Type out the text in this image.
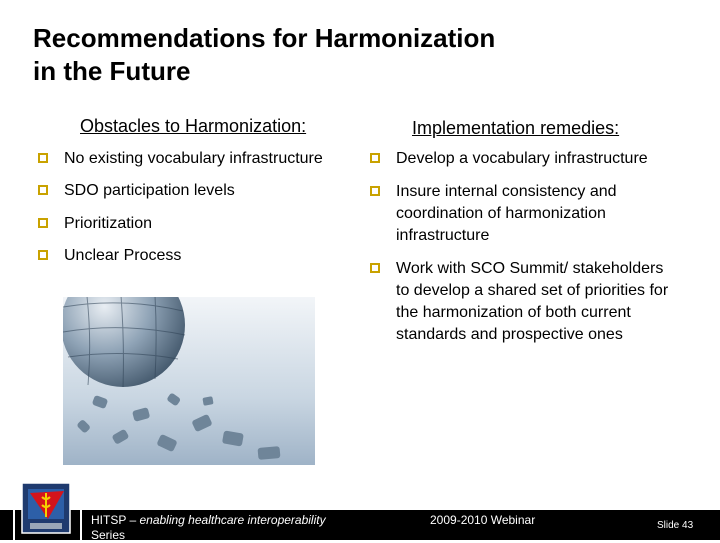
Recommendations for Harmonization
in the Future
Obstacles to Harmonization:	Implementation remedies:
No existing vocabulary infrastructure
SDO participation levels
Prioritization
Unclear Process
Develop a vocabulary infrastructure
Insure internal consistency and coordination of harmonization infrastructure
Work with SCO Summit/ stakeholders to develop a shared set of priorities for the harmonization of both current standards and prospective ones
HITSP – enabling healthcare interoperability Series
2009-2010 Webinar	Slide 43
